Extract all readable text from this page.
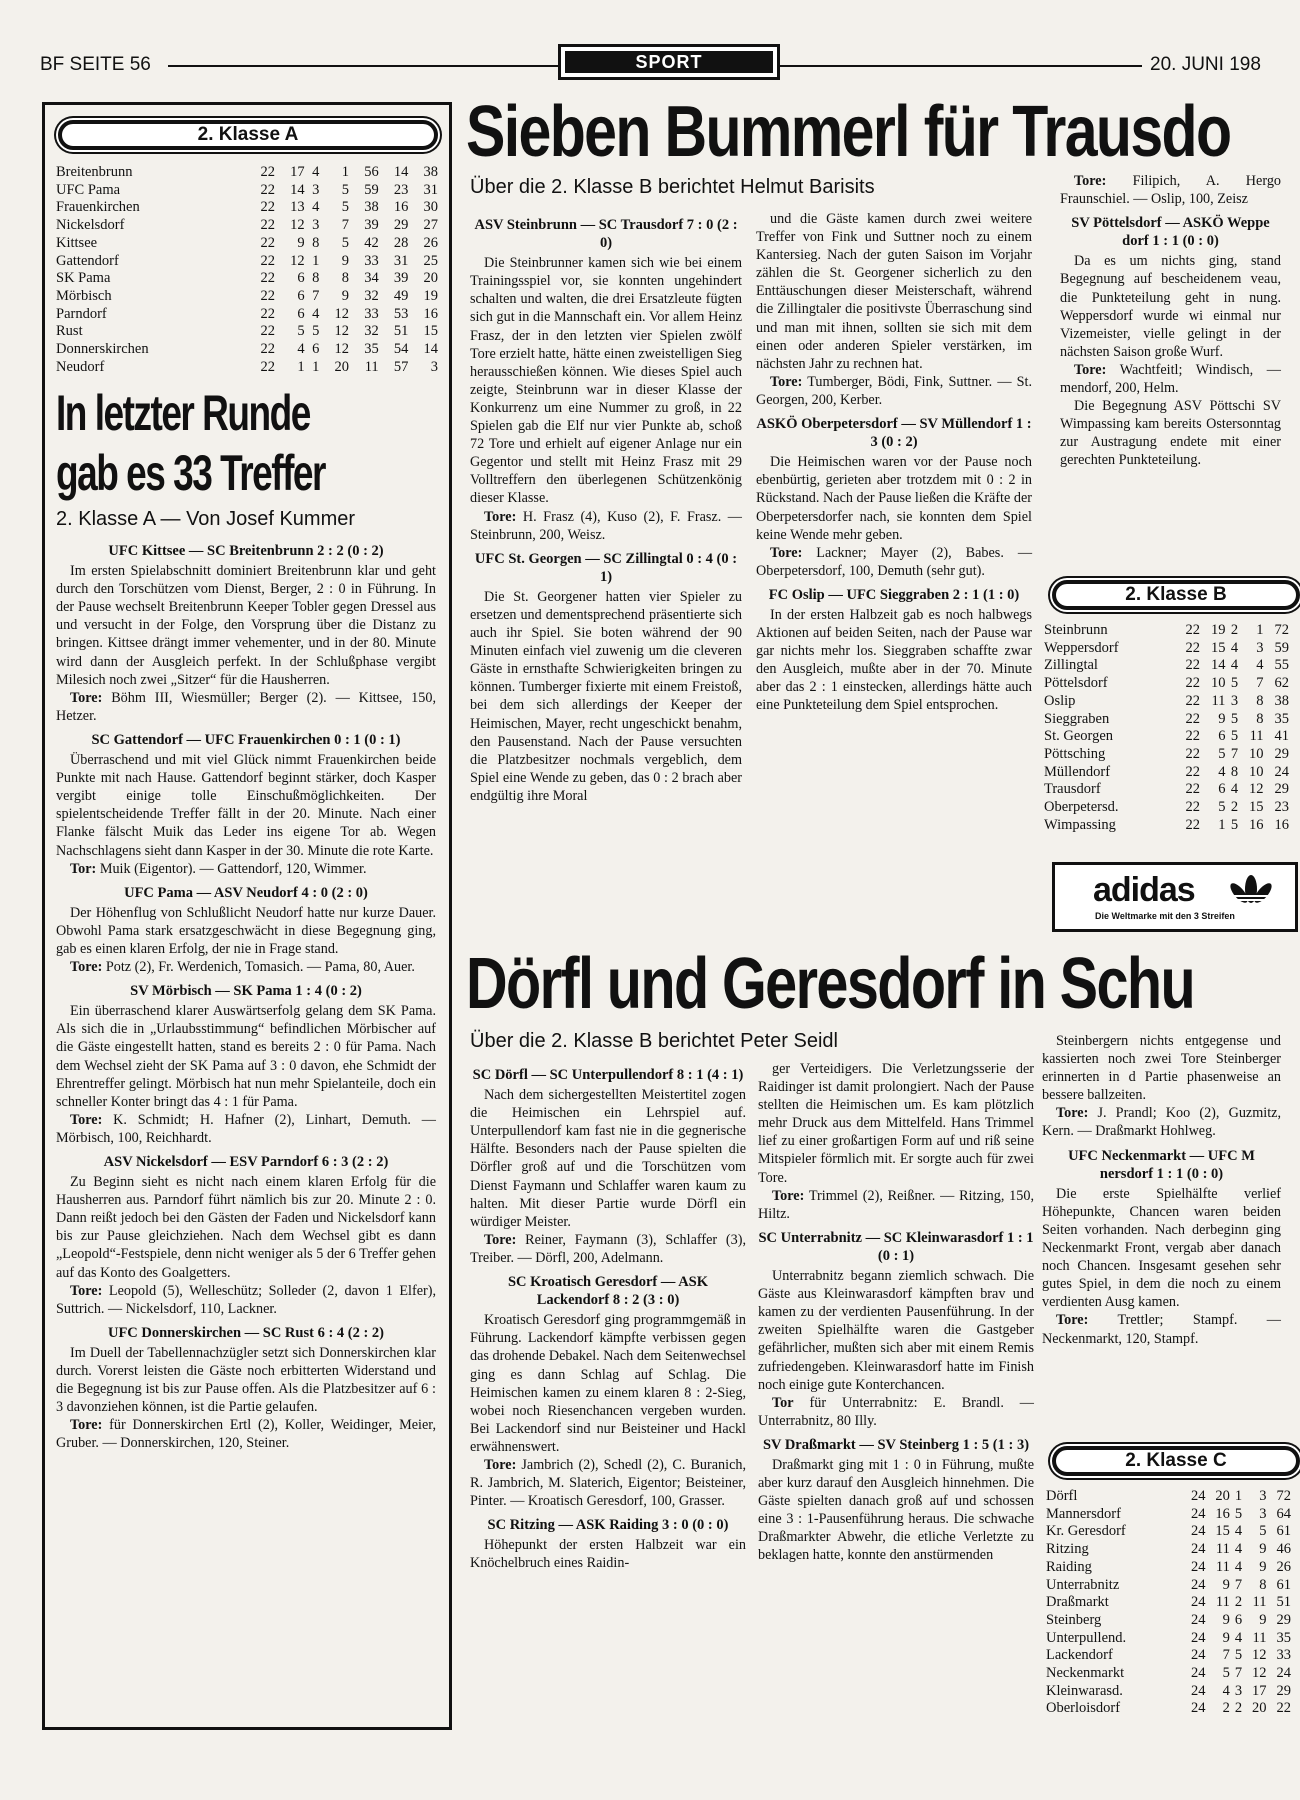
BF SEITE 56	SPORT	20. JUNI 198
2. Klasse A
Breitenbrunn	22	17	4	1	56	14	38
UFC Pama	22	14	3	5	59	23	31
Frauenkirchen	22	13	4	5	38	16	30
Nickelsdorf	22	12	3	7	39	29	27
Kittsee	22	9	8	5	42	28	26
Gattendorf	22	12	1	9	33	31	25
SK Pama	22	6	8	8	34	39	20
Mörbisch	22	6	7	9	32	49	19
Parndorf	22	6	4	12	33	53	16
Rust	22	5	5	12	32	51	15
Donnerskirchen	22	4	6	12	35	54	14
Neudorf	22	1	1	20	11	57	3
In letzter Runde
gab es 33 Treffer
2. Klasse A — Von Josef Kummer
UFC Kittsee — SC Breitenbrunn 2 : 2 (0 : 2)

Im ersten Spielabschnitt dominiert Breitenbrunn klar und geht durch den Torschützen vom Dienst, Berger, 2 : 0 in Führung. In der Pause wechselt Breitenbrunn Keeper Tobler gegen Dressel aus und versucht in der Folge, den Vorsprung über die Distanz zu bringen. Kittsee drängt immer vehementer, und in der 80. Minute wird dann der Ausgleich perfekt. In der Schlußphase vergibt Milesich noch zwei „Sitzer“ für die Hausherren.

Tore: Böhm III, Wiesmüller; Berger (2). — Kittsee, 150, Hetzer.

SC Gattendorf — UFC Frauenkirchen 0 : 1 (0 : 1)

Überraschend und mit viel Glück nimmt Frauenkirchen beide Punkte mit nach Hause. Gattendorf beginnt stärker, doch Kasper vergibt einige tolle Einschußmöglichkeiten. Der spielentscheidende Treffer fällt in der 20. Minute. Nach einer Flanke fälscht Muik das Leder ins eigene Tor ab. Wegen Nachschlagens sieht dann Kasper in der 30. Minute die rote Karte.

Tor: Muik (Eigentor). — Gattendorf, 120, Wimmer.

UFC Pama — ASV Neudorf 4 : 0 (2 : 0)

Der Höhenflug von Schlußlicht Neudorf hatte nur kurze Dauer. Obwohl Pama stark ersatzgeschwächt in diese Begegnung ging, gab es einen klaren Erfolg, der nie in Frage stand.

Tore: Potz (2), Fr. Werdenich, Tomasich. — Pama, 80, Auer.

SV Mörbisch — SK Pama 1 : 4 (0 : 2)

Ein überraschend klarer Auswärtserfolg gelang dem SK Pama. Als sich die in „Urlaubsstimmung“ befindlichen Mörbischer auf die Gäste eingestellt hatten, stand es bereits 2 : 0 für Pama. Nach dem Wechsel zieht der SK Pama auf 3 : 0 davon, ehe Schmidt der Ehrentreffer gelingt. Mörbisch hat nun mehr Spielanteile, doch ein schneller Konter bringt das 4 : 1 für Pama.

Tore: K. Schmidt; H. Hafner (2), Linhart, Demuth. — Mörbisch, 100, Reichhardt.

ASV Nickelsdorf — ESV Parndorf 6 : 3 (2 : 2)

Zu Beginn sieht es nicht nach einem klaren Erfolg für die Hausherren aus. Parndorf führt nämlich bis zur 20. Minute 2 : 0. Dann reißt jedoch bei den Gästen der Faden und Nickelsdorf kann bis zur Pause gleichziehen. Nach dem Wechsel gibt es dann „Leopold“-Festspiele, denn nicht weniger als 5 der 6 Treffer gehen auf das Konto des Goalgetters.

Tore: Leopold (5), Welleschütz; Solleder (2, davon 1 Elfer), Suttrich. — Nickelsdorf, 110, Lackner.

UFC Donnerskirchen — SC Rust 6 : 4 (2 : 2)

Im Duell der Tabellennachzügler setzt sich Donnerskirchen klar durch. Vorerst leisten die Gäste noch erbitterten Widerstand und die Begegnung ist bis zur Pause offen. Als die Platzbesitzer auf 6 : 3 davonziehen können, ist die Partie gelaufen.

Tore: für Donnerskirchen Ertl (2), Koller, Weidinger, Meier, Gruber. — Donnerskirchen, 120, Steiner.

Sieben Bummerl für Trausdo
Über die 2. Klasse B berichtet Helmut Barisits
ASV Steinbrunn — SC Trausdorf 7 : 0 (2 : 0)

Die Steinbrunner kamen sich wie bei einem Trainingsspiel vor, sie konnten ungehindert schalten und walten, die drei Ersatzleute fügten sich gut in die Mannschaft ein. Vor allem Heinz Frasz, der in den letzten vier Spielen zwölf Tore erzielt hatte, hätte einen zweistelligen Sieg herausschießen können. Wie dieses Spiel auch zeigte, Steinbrunn war in dieser Klasse der Konkurrenz um eine Nummer zu groß, in 22 Spielen gab die Elf nur vier Punkte ab, schoß 72 Tore und erhielt auf eigener Anlage nur ein Gegentor und stellt mit Heinz Frasz mit 29 Volltreffern den überlegenen Schützenkönig dieser Klasse.

Tore: H. Frasz (4), Kuso (2), F. Frasz. — Steinbrunn, 200, Weisz.

UFC St. Georgen — SC Zillingtal 0 : 4 (0 : 1)

Die St. Georgener hatten vier Spieler zu ersetzen und dementsprechend präsentierte sich auch ihr Spiel. Sie boten während der 90 Minuten einfach viel zuwenig um die cleveren Gäste in ernsthafte Schwierigkeiten bringen zu können. Tumberger fixierte mit einem Freistoß, bei dem sich allerdings der Keeper der Heimischen, Mayer, recht ungeschickt benahm, den Pausenstand. Nach der Pause versuchten die Platzbesitzer nochmals vergeblich, dem Spiel eine Wende zu geben, das 0 : 2 brach aber endgültig ihre Moral

und die Gäste kamen durch zwei weitere Treffer von Fink und Suttner noch zu einem Kantersieg. Nach der guten Saison im Vorjahr zählen die St. Georgener sicherlich zu den Enttäuschungen dieser Meisterschaft, während die Zillingtaler die positivste Überraschung sind und man mit ihnen, sollten sie sich mit dem einen oder anderen Spieler verstärken, im nächsten Jahr zu rechnen hat.

Tore: Tumberger, Bödi, Fink, Suttner. — St. Georgen, 200, Kerber.

ASKÖ Oberpetersdorf — SV Müllendorf 1 : 3 (0 : 2)

Die Heimischen waren vor der Pause noch ebenbürtig, gerieten aber trotzdem mit 0 : 2 in Rückstand. Nach der Pause ließen die Kräfte der Oberpetersdorfer nach, sie konnten dem Spiel keine Wende mehr geben.

Tore: Lackner; Mayer (2), Babes. — Oberpetersdorf, 100, Demuth (sehr gut).

FC Oslip — UFC Sieggraben 2 : 1 (1 : 0)

In der ersten Halbzeit gab es noch halbwegs Aktionen auf beiden Seiten, nach der Pause war gar nichts mehr los. Sieggraben schaffte zwar den Ausgleich, mußte aber in der 70. Minute aber das 2 : 1 einstecken, allerdings hätte auch eine Punkteteilung dem Spiel entsprochen.

Tore: Filipich, A. Hergo Fraunschiel. — Oslip, 100, Zeisz

SV Pöttelsdorf — ASKÖ Weppe dorf 1 : 1 (0 : 0)

Da es um nichts ging, stand Begegnung auf bescheidenem veau, die Punkteteilung geht in nung. Weppersdorf wurde wi einmal nur Vizemeister, vielle gelingt in der nächsten Saison große Wurf.

Tore: Wachtfeitl; Windisch, — mendorf, 200, Helm.

Die Begegnung ASV Pöttschi SV Wimpassing kam bereits Ostersonntag zur Austragung endete mit einer gerechten Punkteteilung.

2. Klasse B
Steinbrunn	22	19	2	1	72
Weppersdorf	22	15	4	3	59
Zillingtal	22	14	4	4	55
Pöttelsdorf	22	10	5	7	62
Oslip	22	11	3	8	38
Sieggraben	22	9	5	8	35
St. Georgen	22	6	5	11	41
Pöttsching	22	5	7	10	29
Müllendorf	22	4	8	10	24
Trausdorf	22	6	4	12	29
Oberpetersd.	22	5	2	15	23
Wimpassing	22	1	5	16	16
adidas
Die Weltmarke mit den 3 Streifen
Dörfl und Geresdorf in Schu
Über die 2. Klasse B berichtet Peter Seidl
SC Dörfl — SC Unterpullendorf 8 : 1 (4 : 1)

Nach dem sichergestellten Meistertitel zogen die Heimischen ein Lehrspiel auf. Unterpullendorf kam fast nie in die gegnerische Hälfte. Besonders nach der Pause spielten die Dörfler groß auf und die Torschützen vom Dienst Faymann und Schlaffer waren kaum zu halten. Mit dieser Partie wurde Dörfl ein würdiger Meister.

Tore: Reiner, Faymann (3), Schlaffer (3), Treiber. — Dörfl, 200, Adelmann.

SC Kroatisch Geresdorf — ASK Lackendorf 8 : 2 (3 : 0)

Kroatisch Geresdorf ging programmgemäß in Führung. Lackendorf kämpfte verbissen gegen das drohende Debakel. Nach dem Seitenwechsel ging es dann Schlag auf Schlag. Die Heimischen kamen zu einem klaren 8 : 2-Sieg, wobei noch Riesenchancen vergeben wurden. Bei Lackendorf sind nur Beisteiner und Hackl erwähnenswert.

Tore: Jambrich (2), Schedl (2), C. Buranich, R. Jambrich, M. Slaterich, Eigentor; Beisteiner, Pinter. — Kroatisch Geresdorf, 100, Grasser.

SC Ritzing — ASK Raiding 3 : 0 (0 : 0)

Höhepunkt der ersten Halbzeit war ein Knöchelbruch eines Raidin-

ger Verteidigers. Die Verletzungsserie der Raidinger ist damit prolongiert. Nach der Pause stellten die Heimischen um. Es kam plötzlich mehr Druck aus dem Mittelfeld. Hans Trimmel lief zu einer großartigen Form auf und riß seine Mitspieler förmlich mit. Er sorgte auch für zwei Tore.

Tore: Trimmel (2), Reißner. — Ritzing, 150, Hiltz.

SC Unterrabnitz — SC Kleinwarasdorf 1 : 1 (0 : 1)

Unterrabnitz begann ziemlich schwach. Die Gäste aus Kleinwarasdorf kämpften brav und kamen zu der verdienten Pausenführung. In der zweiten Spielhälfte waren die Gastgeber gefährlicher, mußten sich aber mit einem Remis zufriedengeben. Kleinwarasdorf hatte im Finish noch einige gute Konterchancen.

Tor für Unterrabnitz: E. Brandl. — Unterrabnitz, 80 Illy.

SV Draßmarkt — SV Steinberg 1 : 5 (1 : 3)

Draßmarkt ging mit 1 : 0 in Führung, mußte aber kurz darauf den Ausgleich hinnehmen. Die Gäste spielten danach groß auf und schossen eine 3 : 1-Pausenführung heraus. Die schwache Draßmarkter Abwehr, die etliche Verletzte zu beklagen hatte, konnte den anstürmenden

Steinbergern nichts entgegense und kassierten noch zwei Tore Steinberger erinnerten in d Partie phasenweise an bessere ballzeiten.

Tore: J. Prandl; Koo (2), Guzmitz, Kern. — Draßmarkt Hohlweg.

UFC Neckenmarkt — UFC M nersdorf 1 : 1 (0 : 0)

Die erste Spielhälfte verlief Höhepunkte, Chancen waren beiden Seiten vorhanden. Nach derbeginn ging Neckenmarkt Front, vergab aber danach noch Chancen. Insgesamt gesehen sehr gutes Spiel, in dem die noch zu einem verdienten Ausg kamen.

Tore: Trettler; Stampf. — Neckenmarkt, 120, Stampf.

2. Klasse C
Dörfl	24	20	1	3	72
Mannersdorf	24	16	5	3	64
Kr. Geresdorf	24	15	4	5	61
Ritzing	24	11	4	9	46
Raiding	24	11	4	9	26
Unterrabnitz	24	9	7	8	61
Draßmarkt	24	11	2	11	51
Steinberg	24	9	6	9	29
Unterpullend.	24	9	4	11	35
Lackendorf	24	7	5	12	33
Neckenmarkt	24	5	7	12	24
Kleinwarasd.	24	4	3	17	29
Oberloisdorf	24	2	2	20	22
